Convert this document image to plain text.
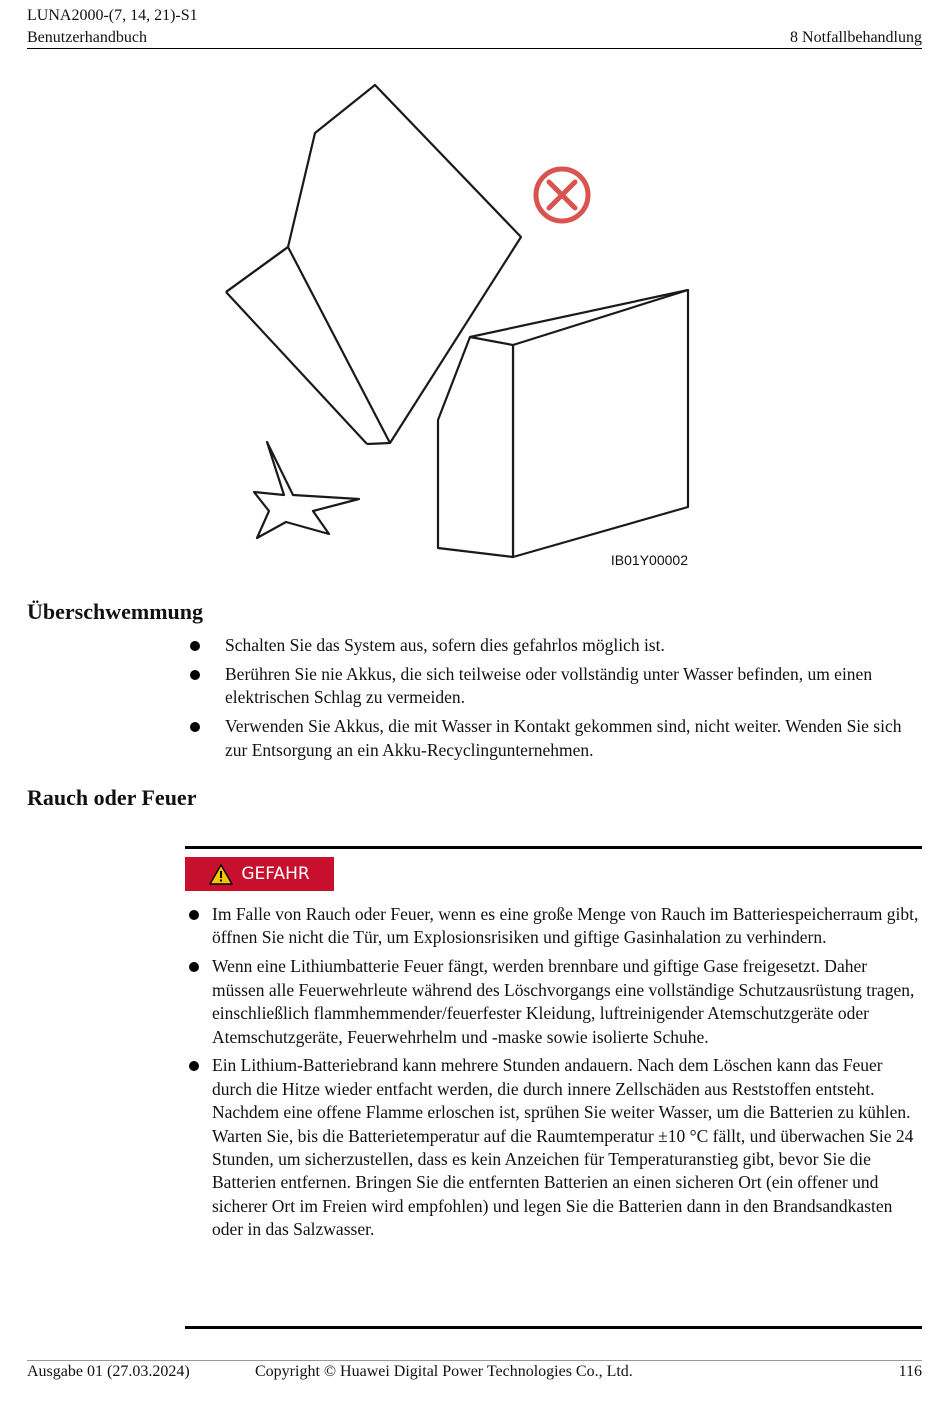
LUNA2000-(7, 14, 21)-S1
Benutzerhandbuch	8 Notfallbehandlung
IB01Y00002
Überschwemmung
Schalten Sie das System aus, sofern dies gefahrlos möglich ist.
Berühren Sie nie Akkus, die sich teilweise oder vollständig unter Wasser befinden, um einen elektrischen Schlag zu vermeiden.
Verwenden Sie Akkus, die mit Wasser in Kontakt gekommen sind, nicht weiter. Wenden Sie sich zur Entsorgung an ein Akku-Recyclingunternehmen.
Rauch oder Feuer
GEFAHR
Im Falle von Rauch oder Feuer, wenn es eine große Menge von Rauch im Batteriespeicherraum gibt, öffnen Sie nicht die Tür, um Explosionsrisiken und giftige Gasinhalation zu verhindern.
Wenn eine Lithiumbatterie Feuer fängt, werden brennbare und giftige Gase freigesetzt. Daher müssen alle Feuerwehrleute während des Löschvorgangs eine vollständige Schutzausrüstung tragen, einschließlich flammhemmender/feuerfester Kleidung, luftreinigender Atemschutzgeräte oder Atemschutzgeräte, Feuerwehrhelm und -maske sowie isolierte Schuhe.
Ein Lithium-Batteriebrand kann mehrere Stunden andauern. Nach dem Löschen kann das Feuer durch die Hitze wieder entfacht werden, die durch innere Zellschäden aus Reststoffen entsteht. Nachdem eine offene Flamme erloschen ist, sprühen Sie weiter Wasser, um die Batterien zu kühlen. Warten Sie, bis die Batterietemperatur auf die Raumtemperatur ±10 °C fällt, und überwachen Sie 24 Stunden, um sicherzustellen, dass es kein Anzeichen für Temperaturanstieg gibt, bevor Sie die Batterien entfernen. Bringen Sie die entfernten Batterien an einen sicheren Ort (ein offener und sicherer Ort im Freien wird empfohlen) und legen Sie die Batterien dann in den Brandsandkasten oder in das Salzwasser.
Ausgabe 01 (27.03.2024)	Copyright © Huawei Digital Power Technologies Co., Ltd.	116
